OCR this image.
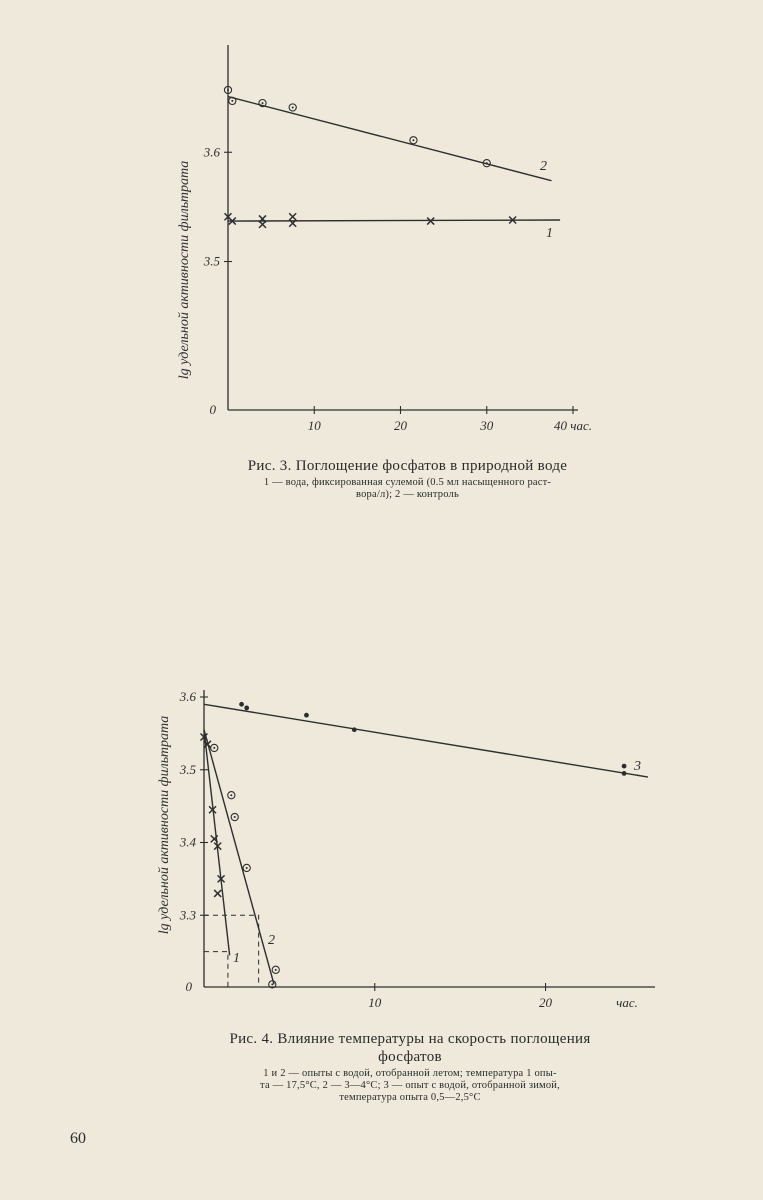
3.5
3.6
0
10	20	30	40 час.
lg удельной активности фильтрата	1
2
Рис. 3. Поглощение фосфатов в природной воде
1 — вода, фиксированная сулемой (0.5 мл насыщенного раст-
вора/л); 2 — контроль
3.3
3.4
3.5
3.6
0
10	20	час.
lg удельной активности фильтрата
1
2
3
Рис. 4. Влияние температуры на скорость поглощения
фосфатов
1 и 2 — опыты с водой, отобранной летом; температура 1 опы-
та — 17,5°С, 2 — 3—4°С; 3 — опыт с водой, отобранной зимой,
температура опыта 0,5—2,5°С
60
